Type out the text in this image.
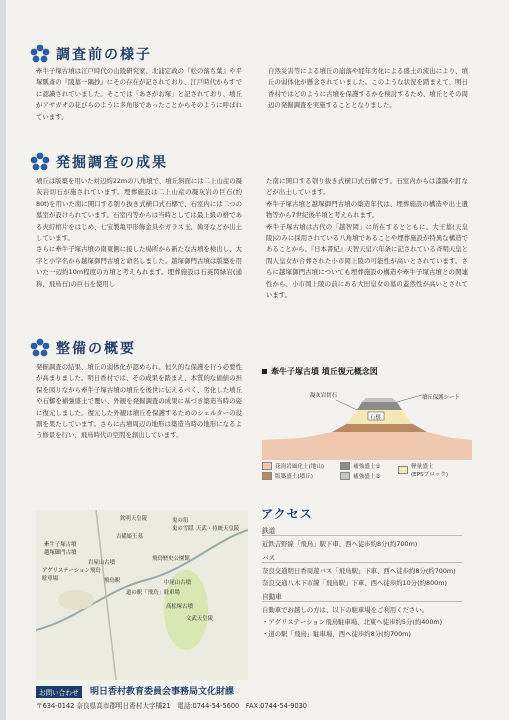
調査前の様子
牽牛子塚古墳は江戸時代の山陵研究家、北浦定政の『松の落ち葉』や平塚瓢斎の『陵墓一隅抄』にその存在が記されており、江戸時代からすでに認識されていました。そこでは「あさがお塚」と記されており、墳丘がアサガオの花びらのように多角形であったことからそのように呼ばれています。
自然災害等による墳丘の崩落や経年劣化による盛土の流出により、墳丘の弱体化が懸念されていました。このような状況を踏まえて、明日香村ではどのように古墳を保護するかを検討するため、墳丘とその周辺の発掘調査を実施することとなりました。
発掘調査の成果
墳丘は版築を用いた対辺約22mの八角墳で、墳丘斜面には二上山産の凝灰岩切石が施されています。埋葬施設は二上山産の凝灰岩の巨石(約80t)を用いた南に開口する刳り抜き式横口式石槨で、石室内には二つの墓室が設けられています。石室内等からは当時としては最上級の格である夾紵棺片をはじめ、七宝製亀甲形飾金具やガラス玉、歯牙などが出土しています。
さらに牽牛子塚古墳の南東側に接した場所から新たな古墳を検出し、大字と小字名から越塚御門古墳と命名しました。越塚御門古墳は版築を用いた一辺約10m程度の方墳と考えられます。埋葬施設は石英閃緑岩(通称、飛鳥石)の巨石を使用し
た南に開口する刳り抜き式横口式石槨です。石室内からは漆膜や釘などが出土しています。
牽牛子塚古墳と越塚御門古墳の築造年代は、埋葬施設の構造や出土遺物等から7世紀後半頃と考えられます。
牽牛子塚古墳は古代の「越智岡」に所在するとともに、大王墓(天皇陵)のみに採用されている八角墳であることや埋葬施設が特異な構造であることから、『日本書紀』天智天皇六年条に記されている斉明天皇と間人皇女が合葬された小市岡上陵の可能性が高いとされています。さらに越塚御門古墳についても埋葬施設の構造や牽牛子塚古墳との関連性から、小市岡上陵の前にある大田皇女の墓の蓋然性が高いとされています。
整備の概要
発掘調査の結果、墳丘の弱体化が認められ、恒久的な保護を行う必要性が高まりました。明日香村では、その成果を踏まえ、本質的な価値の担保を図りながら牽牛子塚古墳の墳丘を後世に伝えるべく、劣化した墳丘や石槨を補強盛土で覆い、外観を発掘調査の成果に基づき築造当時の姿に復元しました。復元した外観は墳丘を保護するためのシェルターの役割を果たしています。さらに古墳周辺の地形は築造当時の地形になるよう修景を行い、飛鳥時代の空間を創出しています。
牽牛子塚古墳 墳丘復元概念図
凝灰岩切石	墳丘保護シート
石槨
花崗岩風化土(地山)	補強盛土①	軽量盛土
(EPSブロック)
版築盛土(墳丘)	補強盛土②
欽明天皇陵	鬼の俎
鬼の雪隠 天武・持統天皇陵
吉備姫王墓
牽牛子塚古墳
越塚御門古墳
岩屋山古墳
飛鳥歴史公園館
アグリステーション飛鳥 駐車場	飛鳥駅	中尾山古墳
道の駅「飛鳥」駐車場
高松塚古墳
文武天皇陵
アクセス
鉄道
近鉄吉野線「飛鳥」駅下車、西へ徒歩約8分(約700m)
バス
奈良交通明日香周遊バス「飛鳥駅」下車、西へ徒歩約8分(約700m)
奈良交通八木下市線「飛鳥駅」下車、西へ徒歩約10分(約800m)
自動車
自動車でお越しの方は、以下の駐車場をご利用ください。
・アグリステーション飛鳥駐車場、北東へ徒歩約5分(約400m)
・道の駅「飛鳥」駐車場、西へ徒歩約8分(約700m)
お問い合わせ	明日香村教育委員会事務局文化財課
〒634-0142 奈良県高市郡明日香村大字橘21　電話:0744-54-5600　FAX:0744-54-9030
